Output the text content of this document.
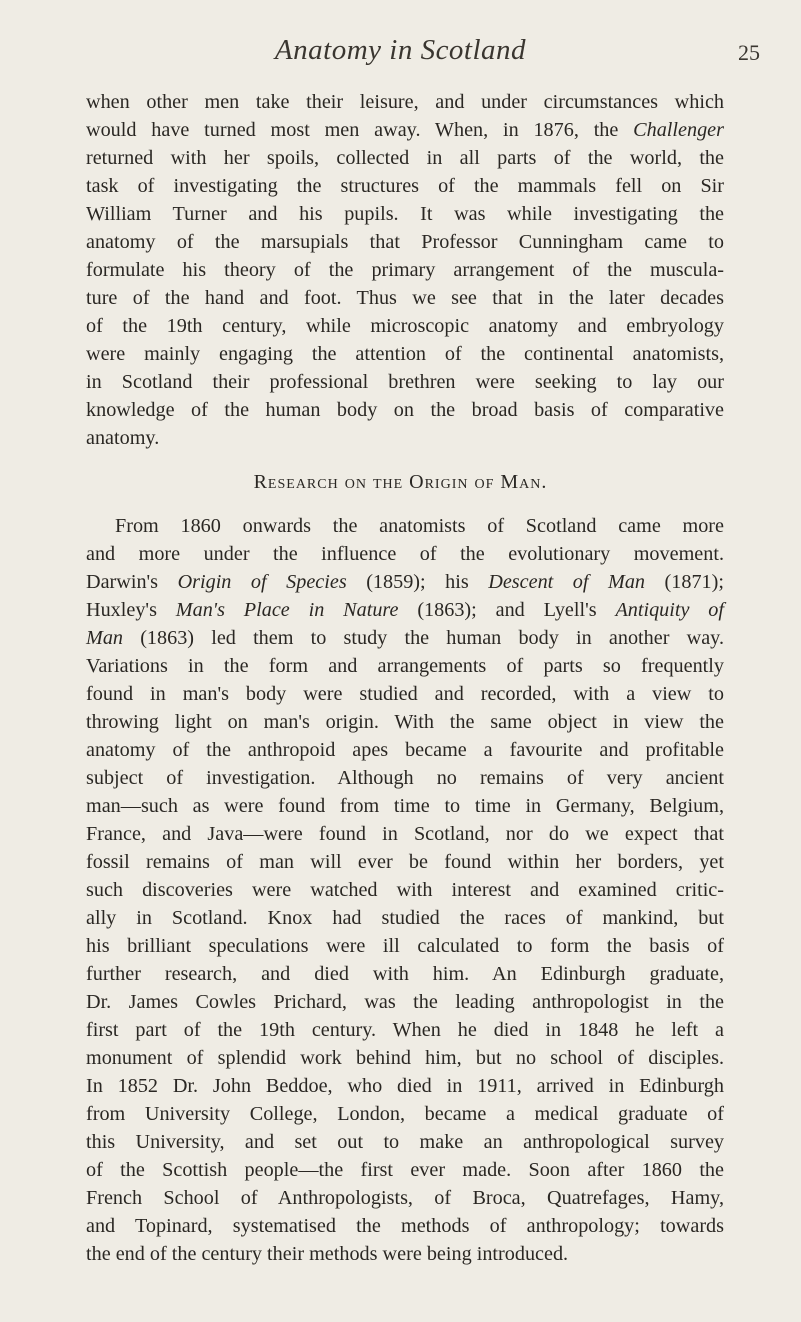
Anatomy in Scotland	25
when other men take their leisure, and under circumstances which
would have turned most men away. When, in 1876, the Challenger
returned with her spoils, collected in all parts of the world, the
task of investigating the structures of the mammals fell on Sir
William Turner and his pupils. It was while investigating the
anatomy of the marsupials that Professor Cunningham came to
formulate his theory of the primary arrangement of the muscula-
ture of the hand and foot. Thus we see that in the later decades
of the 19th century, while microscopic anatomy and embryology
were mainly engaging the attention of the continental anatomists,
in Scotland their professional brethren were seeking to lay our
knowledge of the human body on the broad basis of comparative
anatomy.
Research on the Origin of Man.
From 1860 onwards the anatomists of Scotland came more
and more under the influence of the evolutionary movement.
Darwin's Origin of Species (1859); his Descent of Man (1871);
Huxley's Man's Place in Nature (1863); and Lyell's Antiquity of
Man (1863) led them to study the human body in another way.
Variations in the form and arrangements of parts so frequently
found in man's body were studied and recorded, with a view to
throwing light on man's origin. With the same object in view the
anatomy of the anthropoid apes became a favourite and profitable
subject of investigation. Although no remains of very ancient
man—such as were found from time to time in Germany, Belgium,
France, and Java—were found in Scotland, nor do we expect that
fossil remains of man will ever be found within her borders, yet
such discoveries were watched with interest and examined critic-
ally in Scotland. Knox had studied the races of mankind, but
his brilliant speculations were ill calculated to form the basis of
further research, and died with him. An Edinburgh graduate,
Dr. James Cowles Prichard, was the leading anthropologist in the
first part of the 19th century. When he died in 1848 he left a
monument of splendid work behind him, but no school of disciples.
In 1852 Dr. John Beddoe, who died in 1911, arrived in Edinburgh
from University College, London, became a medical graduate of
this University, and set out to make an anthropological survey
of the Scottish people—the first ever made. Soon after 1860 the
French School of Anthropologists, of Broca, Quatrefages, Hamy,
and Topinard, systematised the methods of anthropology; towards
the end of the century their methods were being introduced.
